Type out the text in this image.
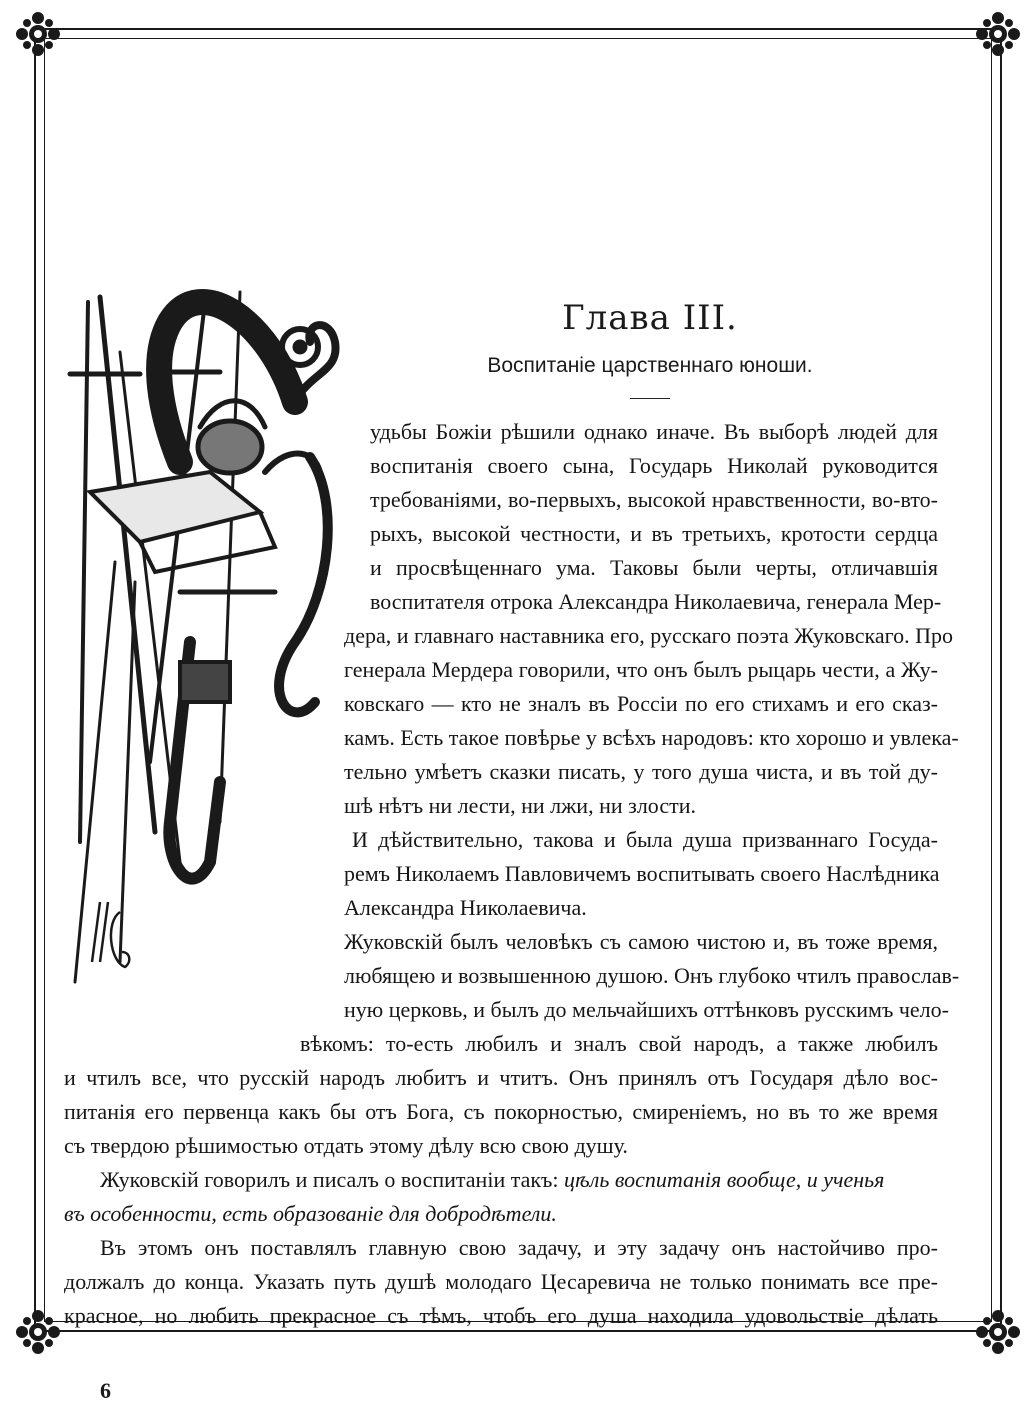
Глава III.
Воспитаніе царственнаго юноши.
удьбы Божіи рѣшили однако иначе. Въ выборѣ людей для
воспитанія своего сына, Государь Николай руководится
требованіями, во-первыхъ, высокой нравственности, во-вто-
рыхъ, высокой честности, и въ третьихъ, кротости сердца
и просвѣщеннаго ума. Таковы были черты, отличавшія
воспитателя отрока Александра Николаевича, генерала Мер-
дера, и главнаго наставника его, русскаго поэта Жуковскаго. Про
генерала Мердера говорили, что онъ былъ рыцарь чести, а Жу-
ковскаго — кто не зналъ въ Россіи по его стихамъ и его сказ-
камъ. Есть такое повѣрье у всѣхъ народовъ: кто хорошо и увлека-
тельно умѣетъ сказки писать, у того душа чиста, и въ той ду-
шѣ нѣтъ ни лести, ни лжи, ни злости.
И дѣйствительно, такова и была душа призваннаго Госуда-
ремъ Николаемъ Павловичемъ воспитывать своего Наслѣдника
Александра Николаевича.
Жуковскій былъ человѣкъ съ самою чистою и, въ тоже время,
любящею и возвышенною душою. Онъ глубоко чтилъ православ-
ную церковь, и былъ до мельчайшихъ оттѣнковъ русскимъ чело-
вѣкомъ: то-есть любилъ и зналъ свой народъ, а также любилъ
и чтилъ все, что русскій народъ любитъ и чтитъ. Онъ принялъ отъ Государя дѣло вос-
питанія его первенца какъ бы отъ Бога, съ покорностью, смиреніемъ, но въ то же время
съ твердою рѣшимостью отдать этому дѣлу всю свою душу.
Жуковскій говорилъ и писалъ о воспитаніи такъ: цѣль воспитанія вообще, и ученья
въ особенности, есть образованіе для добродѣтели.
Въ этомъ онъ поставлялъ главную свою задачу, и эту задачу онъ настойчиво про-
должалъ до конца. Указать путь душѣ молодаго Цесаревича не только понимать все пре-
красное, но любить прекрасное съ тѣмъ, чтобъ его душа находила удовольствіе дѣлать
6
